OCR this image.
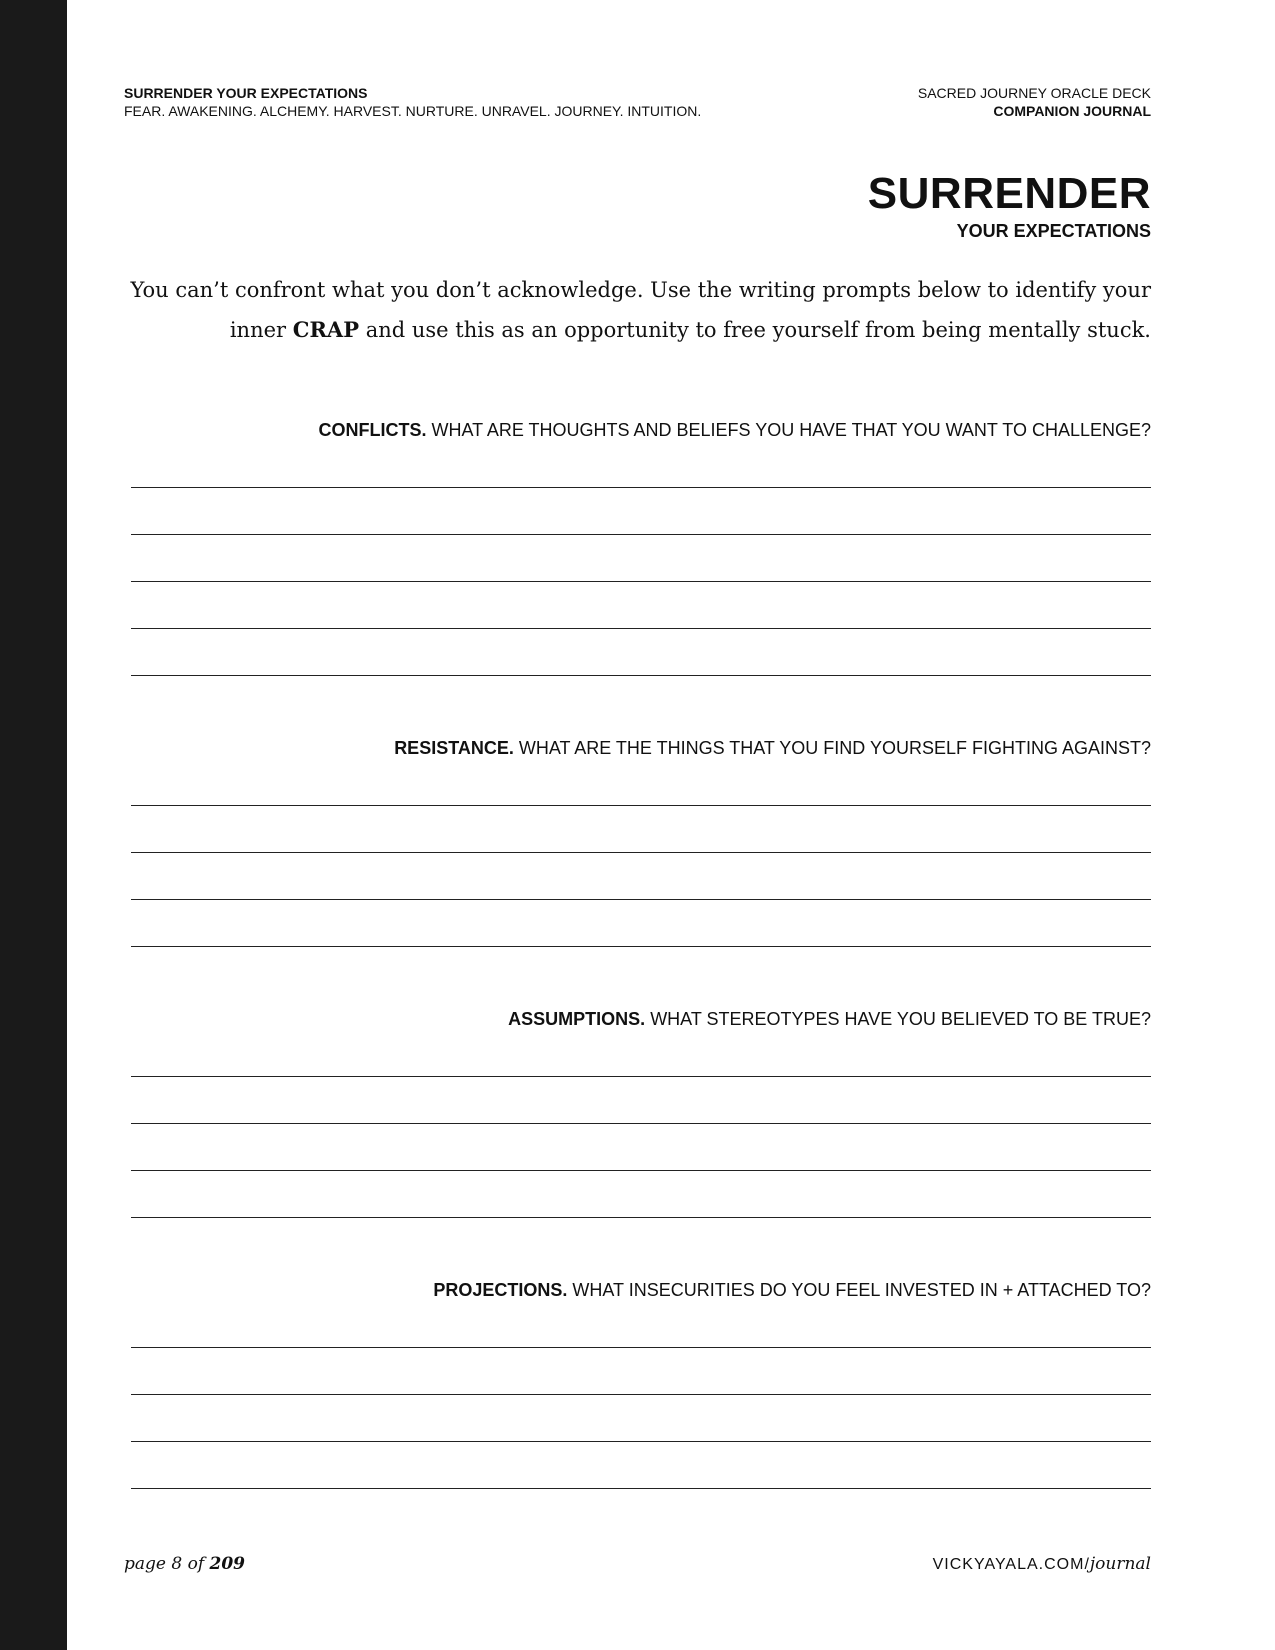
SURRENDER YOUR EXPECTATIONS
FEAR. AWAKENING. ALCHEMY. HARVEST. NURTURE. UNRAVEL. JOURNEY. INTUITION.
SACRED JOURNEY ORACLE DECK
COMPANION JOURNAL
SURRENDER
YOUR EXPECTATIONS
You can’t confront what you don’t acknowledge. Use the writing prompts below to identify your
inner CRAP and use this as an opportunity to free yourself from being mentally stuck.
CONFLICTS. WHAT ARE THOUGHTS AND BELIEFS YOU HAVE THAT YOU WANT TO CHALLENGE?
RESISTANCE. WHAT ARE THE THINGS THAT YOU FIND YOURSELF FIGHTING AGAINST?
ASSUMPTIONS. WHAT STEREOTYPES HAVE YOU BELIEVED TO BE TRUE?
PROJECTIONS. WHAT INSECURITIES DO YOU FEEL INVESTED IN + ATTACHED TO?
page 8 of 209	VICKYAYALA.COM/journal
